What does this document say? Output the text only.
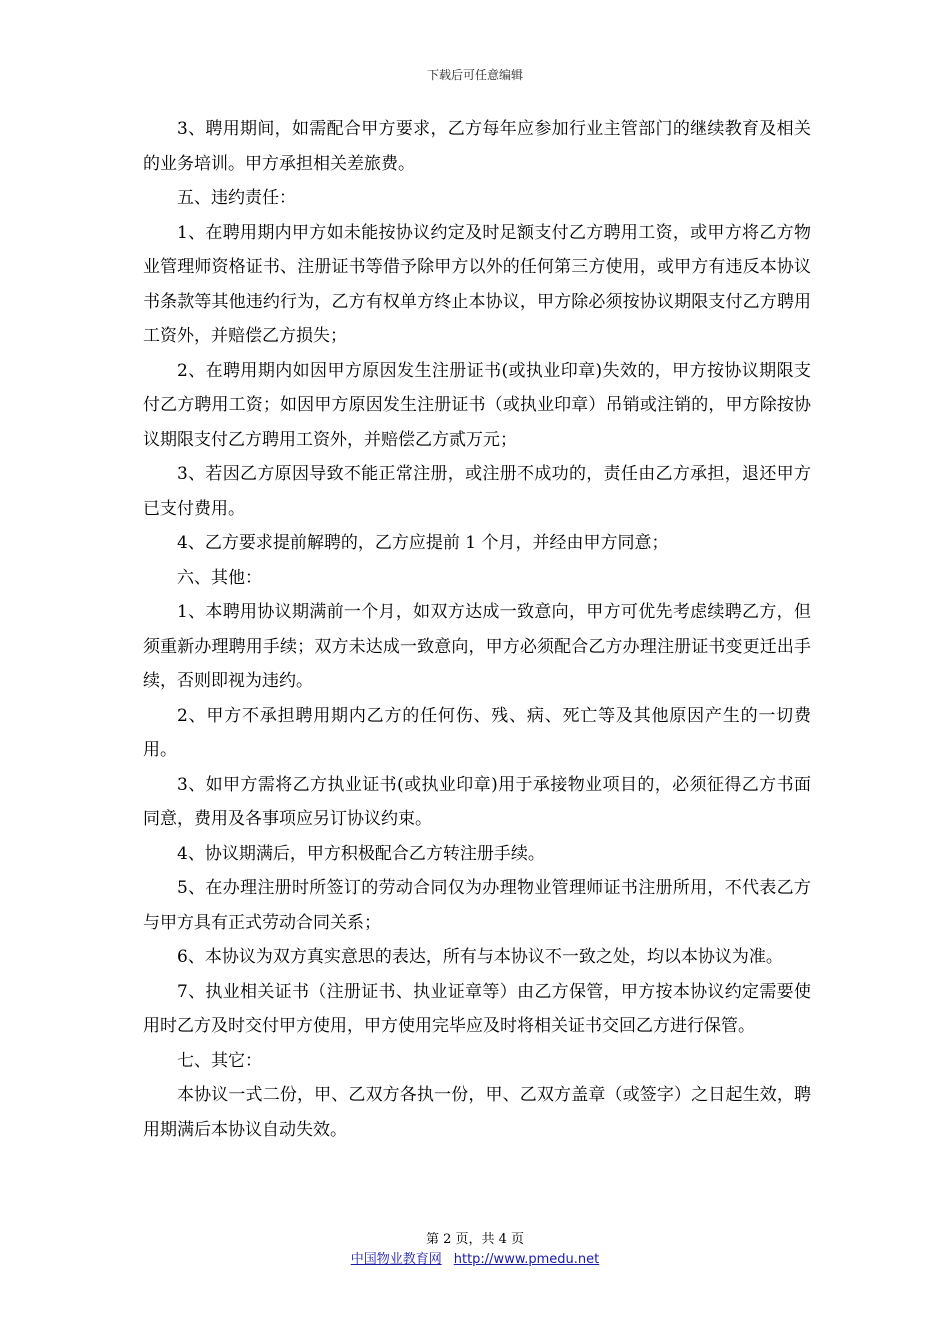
下载后可任意编辑

3、聘用期间，如需配合甲方要求，乙方每年应参加行业主管部门的继续教育及相关的业务培训。甲方承担相关差旅费。

五、违约责任：

1、在聘用期内甲方如未能按协议约定及时足额支付乙方聘用工资，或甲方将乙方物业管理师资格证书、注册证书等借予除甲方以外的任何第三方使用，或甲方有违反本协议书条款等其他违约行为，乙方有权单方终止本协议，甲方除必须按协议期限支付乙方聘用工资外，并赔偿乙方损失；

2、在聘用期内如因甲方原因发生注册证书(或执业印章)失效的，甲方按协议期限支付乙方聘用工资；如因甲方原因发生注册证书（或执业印章）吊销或注销的，甲方除按协议期限支付乙方聘用工资外，并赔偿乙方贰万元；

3、若因乙方原因导致不能正常注册，或注册不成功的，责任由乙方承担，退还甲方已支付费用。

4、乙方要求提前解聘的，乙方应提前 1 个月，并经由甲方同意；

六、其他：

1、本聘用协议期满前一个月，如双方达成一致意向，甲方可优先考虑续聘乙方，但须重新办理聘用手续；双方未达成一致意向，甲方必须配合乙方办理注册证书变更迁出手续，否则即视为违约。

2、甲方不承担聘用期内乙方的任何伤、残、病、死亡等及其他原因产生的一切费用。

3、如甲方需将乙方执业证书(或执业印章)用于承接物业项目的，必须征得乙方书面同意，费用及各事项应另订协议约束。

4、协议期满后，甲方积极配合乙方转注册手续。

5、在办理注册时所签订的劳动合同仅为办理物业管理师证书注册所用，不代表乙方与甲方具有正式劳动合同关系；

6、本协议为双方真实意思的表达，所有与本协议不一致之处，均以本协议为准。

7、执业相关证书（注册证书、执业证章等）由乙方保管，甲方按本协议约定需要使用时乙方及时交付甲方使用，甲方使用完毕应及时将相关证书交回乙方进行保管。

七、其它：

本协议一式二份，甲、乙双方各执一份，甲、乙双方盖章（或签字）之日起生效，聘用期满后本协议自动失效。

第 2 页，共 4 页
中国物业教育网 http://www.pmedu.net
